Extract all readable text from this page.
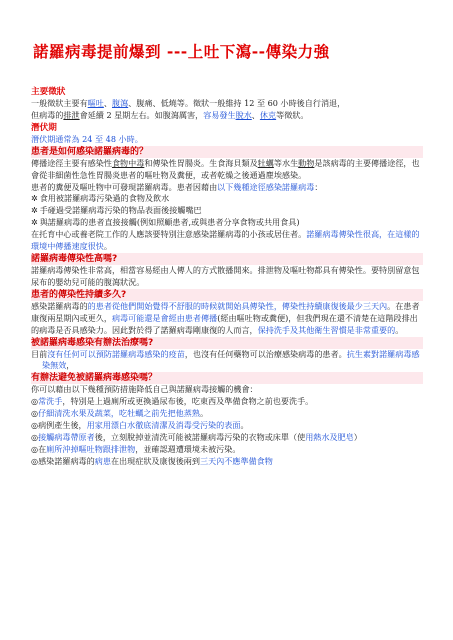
諾羅病毒提前爆到 ---上吐下瀉--傳染力強
主要徵狀

一般徵狀主要有嘔吐、腹瀉、腹痛、低燒等。徵狀一般維持 12 至 60 小時後自行消退，

但病毒的排泄會延續 2 星期左右。如腹瀉厲害，容易發生脫水、休克等徵狀。

潛伏期

潛伏期通常為 24 至 48 小時。

患者是如何感染諾羅病毒的？

傳播途徑主要有感染性食物中毒和傳染性胃腸炎。生食海貝類及牡蠣等水生動物是該病毒的主要傳播途徑，也會從非細菌性急性胃腸炎患者的嘔吐物及糞便，或者乾燥之後通過塵埃感染。

患者的糞便及嘔吐物中可發現諾羅病毒。患者因藉由以下幾種途徑感染諾羅病毒：

✲ 食用被諾羅病毒污染過的食物及飲水
✲ 手碰過受諾羅病毒污染的物品表面後接觸嘴巴
✲ 與諾羅病毒的患者直接接觸(例如照顧患者,或與患者分享食物或共用食具)

在托育中心或養老院工作的人應該要特別注意感染諾羅病毒的小孩或居住者。諾羅病毒傳染性很高，在這樣的環境中傳播速度很快。

諾羅病毒傳染性高嗎?

諾羅病毒傳染性非常高，相當容易經由人傳人的方式散播開來。排泄物及嘔吐物都具有傳染性。要特別留意包尿布的嬰幼兒可能的腹瀉狀況。

患者的傳染性持續多久?

感染諾羅病毒的的患者從他們開始覺得不舒服的時候就開始具傳染性，傳染性持續康復後最少三天內。在患者康復兩星期內或更久，病毒可能還是會經由患者傳播(經由嘔吐物或糞便)，但我們現在還不清楚在這階段排出的病毒是否具感染力。因此對於得了諾羅病毒剛康復的人而言，保持洗手及其他衛生習慣是非常重要的。

被諾羅病毒感染有辦法治療嗎?

目前沒有任何可以預防諾羅病毒感染的疫苗，也沒有任何藥物可以治療感染病毒的患者。抗生素對諾羅病毒感染無效，

有辦法避免被諾羅病毒感染嗎？

你可以藉由以下幾種預防措施降低自己與諾羅病毒接觸的機會：

◎常洗手，特別是上過廁所或更換過尿布後，吃東西及準備食物之前也要洗手。
◎仔細清洗水果及蔬菜，吃牡蠣之前先把他蒸熟。
◎病例產生後，用家用漂白水徹底清潔及消毒受污染的表面。
◎接觸病毒帶原者後，立刻脫掉並清洗可能被諾羅病毒污染的衣物或床單（使用熱水及肥皂）
◎在廁所沖掉嘔吐物跟排泄物，並確認週遭環境未被污染。
◎感染諾羅病毒的病患在出現症狀及康復後兩到三天內不應準備食物
